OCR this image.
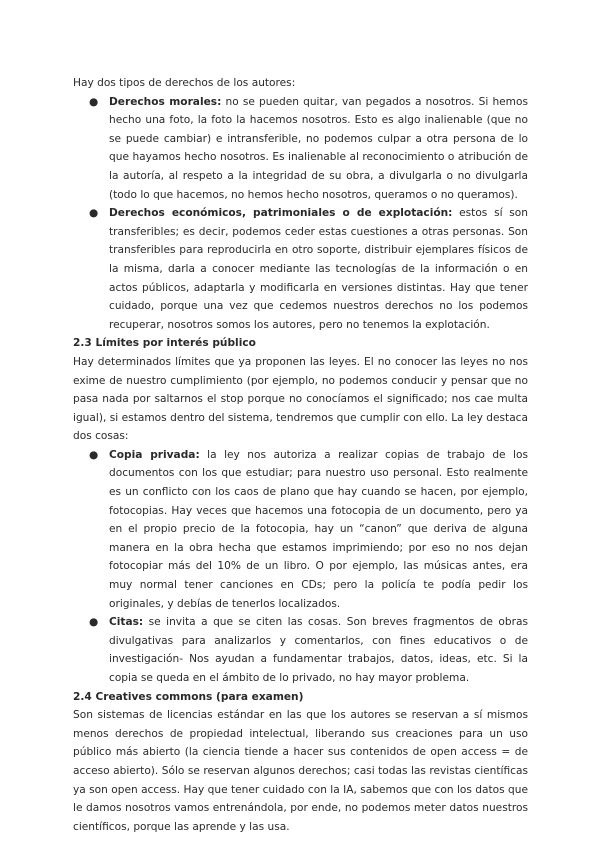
Hay dos tipos de derechos de los autores:

● Derechos morales: no se pueden quitar, van pegados a nosotros. Si hemos hecho una foto, la foto la hacemos nosotros. Esto es algo inalienable (que no se puede cambiar) e intransferible, no podemos culpar a otra persona de lo que hayamos hecho nosotros. Es inalienable al reconocimiento o atribución de la autoría, al respeto a la integridad de su obra, a divulgarla o no divulgarla (todo lo que hacemos, no hemos hecho nosotros, queramos o no queramos).
● Derechos económicos, patrimoniales o de explotación: estos sí son transferibles; es decir, podemos ceder estas cuestiones a otras personas. Son transferibles para reproducirla en otro soporte, distribuir ejemplares físicos de la misma, darla a conocer mediante las tecnologías de la información o en actos públicos, adaptarla y modificarla en versiones distintas. Hay que tener cuidado, porque una vez que cedemos nuestros derechos no los podemos recuperar, nosotros somos los autores, pero no tenemos la explotación.
2.3 Límites por interés público

Hay determinados límites que ya proponen las leyes. El no conocer las leyes no nos exime de nuestro cumplimiento (por ejemplo, no podemos conducir y pensar que no pasa nada por saltarnos el stop porque no conocíamos el significado; nos cae multa igual), si estamos dentro del sistema, tendremos que cumplir con ello. La ley destaca dos cosas:

● Copia privada: la ley nos autoriza a realizar copias de trabajo de los documentos con los que estudiar; para nuestro uso personal. Esto realmente es un conflicto con los caos de plano que hay cuando se hacen, por ejemplo, fotocopias. Hay veces que hacemos una fotocopia de un documento, pero ya en el propio precio de la fotocopia, hay un “canon” que deriva de alguna manera en la obra hecha que estamos imprimiendo; por eso no nos dejan fotocopiar más del 10% de un libro. O por ejemplo, las músicas antes, era muy normal tener canciones en CDs; pero la policía te podía pedir los originales, y debías de tenerlos localizados.
● Citas: se invita a que se citen las cosas. Son breves fragmentos de obras divulgativas para analizarlos y comentarlos, con fines educativos o de investigación- Nos ayudan a fundamentar trabajos, datos, ideas, etc. Si la copia se queda en el ámbito de lo privado, no hay mayor problema.
2.4 Creatives commons (para examen)

Son sistemas de licencias estándar en las que los autores se reservan a sí mismos menos derechos de propiedad intelectual, liberando sus creaciones para un uso público más abierto (la ciencia tiende a hacer sus contenidos de open access = de acceso abierto). Sólo se reservan algunos derechos; casi todas las revistas científicas ya son open access. Hay que tener cuidado con la IA, sabemos que con los datos que le damos nosotros vamos entrenándola, por ende, no podemos meter datos nuestros científicos, porque las aprende y las usa.
